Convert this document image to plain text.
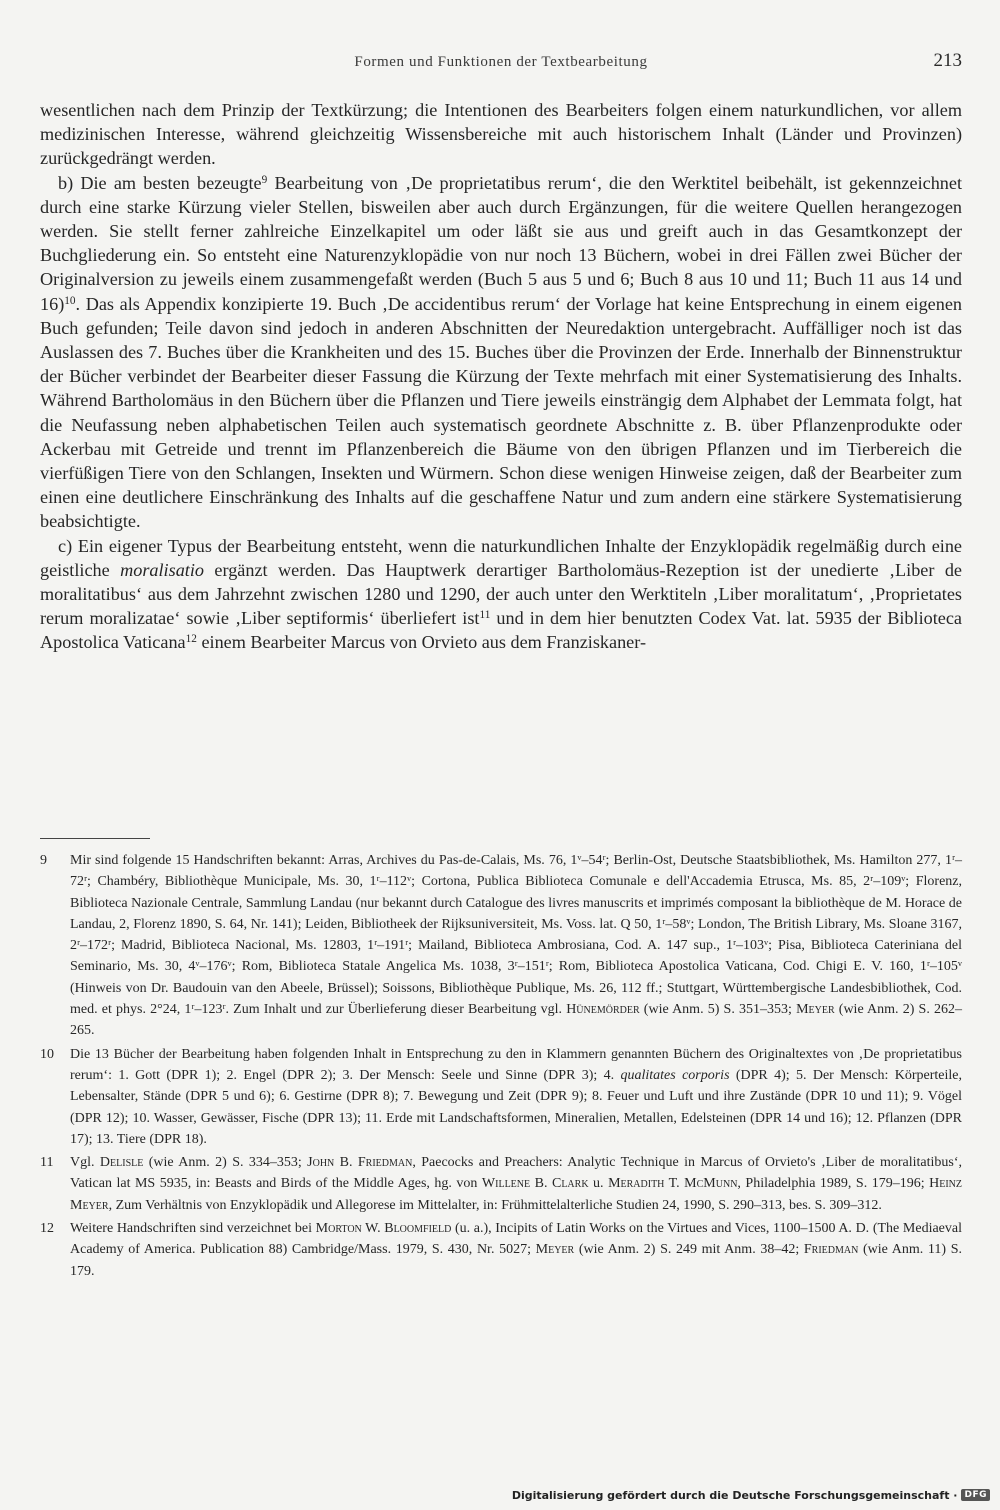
Formen und Funktionen der Textbearbeitung	213

wesentlichen nach dem Prinzip der Textkürzung; die Intentionen des Bearbeiters folgen einem naturkundlichen, vor allem medizinischen Interesse, während gleichzeitig Wissensbereiche mit auch historischem Inhalt (Länder und Provinzen) zurückgedrängt werden.

b) Die am besten bezeugte$^9$ Bearbeitung von ‚De proprietatibus rerum‘, die den Werktitel beibehält, ist gekennzeichnet durch eine starke Kürzung vieler Stellen, bisweilen aber auch durch Ergänzungen, für die weitere Quellen herangezogen werden. Sie stellt ferner zahlreiche Einzelkapitel um oder läßt sie aus und greift auch in das Gesamtkonzept der Buchgliederung ein. So entsteht eine Naturenzyklopädie von nur noch 13 Büchern, wobei in drei Fällen zwei Bücher der Originalversion zu jeweils einem zusammengefaßt werden (Buch 5 aus 5 und 6; Buch 8 aus 10 und 11; Buch 11 aus 14 und 16)$^{10}$. Das als Appendix konzipierte 19. Buch ‚De accidentibus rerum‘ der Vorlage hat keine Entsprechung in einem eigenen Buch gefunden; Teile davon sind jedoch in anderen Abschnitten der Neuredaktion untergebracht. Auffälliger noch ist das Auslassen des 7. Buches über die Krankheiten und des 15. Buches über die Provinzen der Erde. Innerhalb der Binnenstruktur der Bücher verbindet der Bearbeiter dieser Fassung die Kürzung der Texte mehrfach mit einer Systematisierung des Inhalts. Während Bartholomäus in den Büchern über die Pflanzen und Tiere jeweils einsträngig dem Alphabet der Lemmata folgt, hat die Neufassung neben alphabetischen Teilen auch systematisch geordnete Abschnitte z. B. über Pflanzenprodukte oder Ackerbau mit Getreide und trennt im Pflanzenbereich die Bäume von den übrigen Pflanzen und im Tierbereich die vierfüßigen Tiere von den Schlangen, Insekten und Würmern. Schon diese wenigen Hinweise zeigen, daß der Bearbeiter zum einen eine deutlichere Einschränkung des Inhalts auf die geschaffene Natur und zum andern eine stärkere Systematisierung beabsichtigte.

c) Ein eigener Typus der Bearbeitung entsteht, wenn die naturkundlichen Inhalte der Enzyklopädik regelmäßig durch eine geistliche moralisatio ergänzt werden. Das Hauptwerk derartiger Bartholomäus-Rezeption ist der unedierte ‚Liber de moralitatibus‘ aus dem Jahrzehnt zwischen 1280 und 1290, der auch unter den Werktiteln ‚Liber moralitatum‘, ‚Proprietates rerum moralizatae‘ sowie ‚Liber septiformis‘ überliefert ist$^{11}$ und in dem hier benutzten Codex Vat. lat. 5935 der Biblioteca Apostolica Vaticana$^{12}$ einem Bearbeiter Marcus von Orvieto aus dem Franziskaner-

9 Mir sind folgende 15 Handschriften bekannt: Arras, Archives du Pas-de-Calais, Ms. 76, 1ᵛ–54ʳ; Berlin-Ost, Deutsche Staatsbibliothek, Ms. Hamilton 277, 1ʳ–72ʳ; Chambéry, Bibliothèque Municipale, Ms. 30, 1ʳ–112ᵛ; Cortona, Publica Biblioteca Comunale e dell'Accademia Etrusca, Ms. 85, 2ʳ–109ᵛ; Florenz, Biblioteca Nazionale Centrale, Sammlung Landau (nur bekannt durch Catalogue des livres manuscrits et imprimés composant la bibliothèque de M. Horace de Landau, 2, Florenz 1890, S. 64, Nr. 141); Leiden, Bibliotheek der Rijksuniversiteit, Ms. Voss. lat. Q 50, 1ʳ–58ᵛ; London, The British Library, Ms. Sloane 3167, 2ʳ–172ʳ; Madrid, Biblioteca Nacional, Ms. 12803, 1ʳ–191ʳ; Mailand, Biblioteca Ambrosiana, Cod. A. 147 sup., 1ʳ–103ᵛ; Pisa, Biblioteca Cateriniana del Seminario, Ms. 30, 4ᵛ–176ᵛ; Rom, Biblioteca Statale Angelica Ms. 1038, 3ʳ–151ʳ; Rom, Biblioteca Apostolica Vaticana, Cod. Chigi E. V. 160, 1ʳ–105ᵛ (Hinweis von Dr. Baudouin van den Abeele, Brüssel); Soissons, Bibliothèque Publique, Ms. 26, 112 ff.; Stuttgart, Württembergische Landesbibliothek, Cod. med. et phys. 2°24, 1ʳ–123ʳ. Zum Inhalt und zur Überlieferung dieser Bearbeitung vgl. Hünemörder (wie Anm. 5) S. 351–353; Meyer (wie Anm. 2) S. 262–265.
10 Die 13 Bücher der Bearbeitung haben folgenden Inhalt in Entsprechung zu den in Klammern genannten Büchern des Originaltextes von ‚De proprietatibus rerum‘: 1. Gott (DPR 1); 2. Engel (DPR 2); 3. Der Mensch: Seele und Sinne (DPR 3); 4. qualitates corporis (DPR 4); 5. Der Mensch: Körperteile, Lebensalter, Stände (DPR 5 und 6); 6. Gestirne (DPR 8); 7. Bewegung und Zeit (DPR 9); 8. Feuer und Luft und ihre Zustände (DPR 10 und 11); 9. Vögel (DPR 12); 10. Wasser, Gewässer, Fische (DPR 13); 11. Erde mit Landschaftsformen, Mineralien, Metallen, Edelsteinen (DPR 14 und 16); 12. Pflanzen (DPR 17); 13. Tiere (DPR 18).
11 Vgl. Delisle (wie Anm. 2) S. 334–353; John B. Friedman, Paecocks and Preachers: Analytic Technique in Marcus of Orvieto's ‚Liber de moralitatibus‘, Vatican lat MS 5935, in: Beasts and Birds of the Middle Ages, hg. von Willene B. Clark u. Meradith T. McMunn, Philadelphia 1989, S. 179–196; Heinz Meyer, Zum Verhältnis von Enzyklopädik und Allegorese im Mittelalter, in: Frühmittelalterliche Studien 24, 1990, S. 290–313, bes. S. 309–312.
12 Weitere Handschriften sind verzeichnet bei Morton W. Bloomfield (u. a.), Incipits of Latin Works on the Virtues and Vices, 1100–1500 A. D. (The Mediaeval Academy of America. Publication 88) Cambridge/Mass. 1979, S. 430, Nr. 5027; Meyer (wie Anm. 2) S. 249 mit Anm. 38–42; Friedman (wie Anm. 11) S. 179.
Digitalisierung gefördert durch die Deutsche Forschungsgemeinschaft · DFG
